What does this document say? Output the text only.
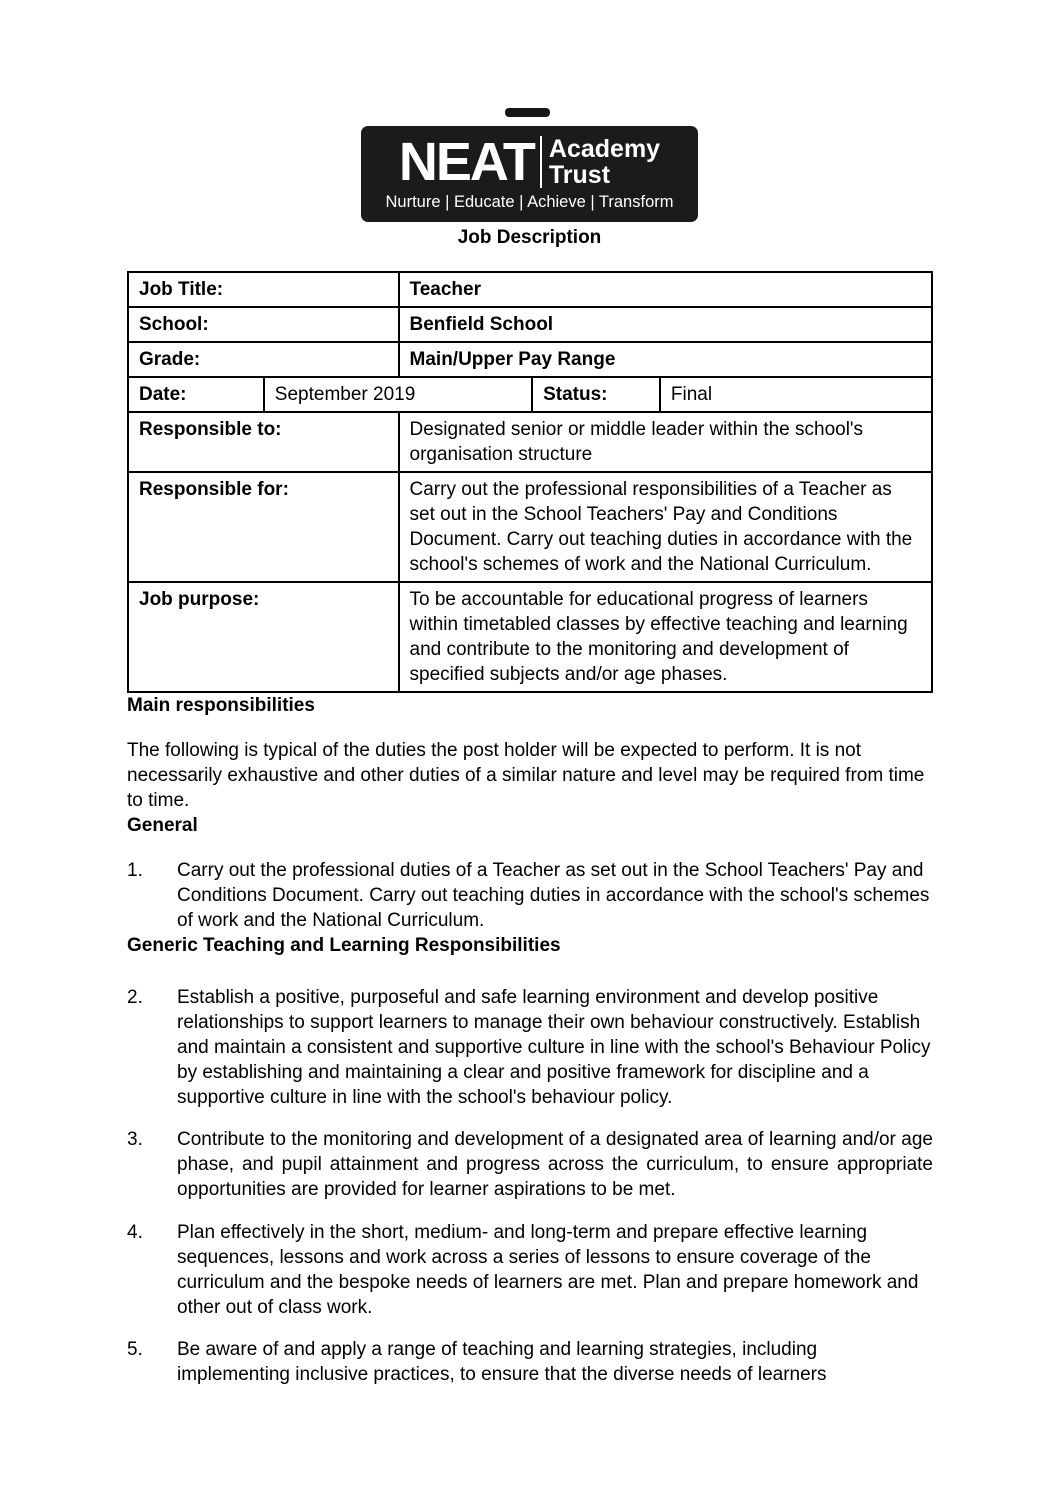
NEAT Academy
Trust
Nurture | Educate | Achieve | Transform
Job Description
Job Title:		Teacher		
School:		Benfield School		
Grade:		Main/Upper Pay Range		
Date:	September 2019		Status:	Final
Responsible to:		Designated senior or middle leader within the school's organisation structure		
Responsible for:		Carry out the professional responsibilities of a Teacher as set out in the School Teachers' Pay and Conditions Document. Carry out teaching duties in accordance with the school's schemes of work and the National Curriculum.		
Job purpose:		To be accountable for educational progress of learners within timetabled classes by effective teaching and learning and contribute to the monitoring and development of specified subjects and/or age phases.		
Main responsibilities

The following is typical of the duties the post holder will be expected to perform. It is not necessarily exhaustive and other duties of a similar nature and level may be required from time to time.

General
1.	Carry out the professional duties of a Teacher as set out in the School Teachers' Pay and Conditions Document. Carry out teaching duties in accordance with the school's schemes of work and the National Curriculum.
Generic Teaching and Learning Responsibilities
2.	Establish a positive, purposeful and safe learning environment and develop positive relationships to support learners to manage their own behaviour constructively. Establish and maintain a consistent and supportive culture in line with the school's Behaviour Policy by establishing and maintaining a clear and positive framework for discipline and a supportive culture in line with the school's behaviour policy.
3.	Contribute to the monitoring and development of a designated area of learning and/or age phase, and pupil attainment and progress across the curriculum, to ensure appropriate opportunities are provided for learner aspirations to be met.
4.	Plan effectively in the short, medium- and long-term and prepare effective learning sequences, lessons and work across a series of lessons to ensure coverage of the curriculum and the bespoke needs of learners are met. Plan and prepare homework and other out of class work.
5.	Be aware of and apply a range of teaching and learning strategies, including implementing inclusive practices, to ensure that the diverse needs of learners
